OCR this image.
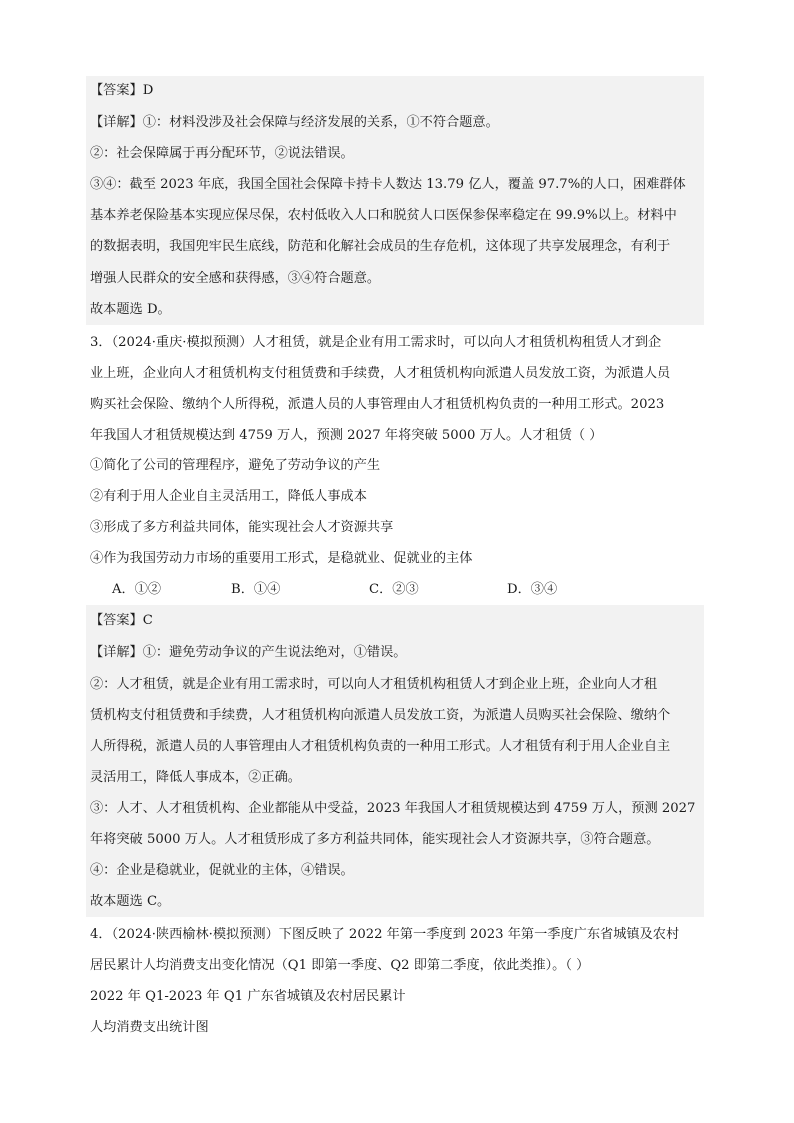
【答案】D
【详解】①：材料没涉及社会保障与经济发展的关系，①不符合题意。
②：社会保障属于再分配环节，②说法错误。
③④：截至 2023 年底，我国全国社会保障卡持卡人数达 13.79 亿人，覆盖 97.7%的人口，困难群体
基本养老保险基本实现应保尽保，农村低收入人口和脱贫人口医保参保率稳定在 99.9%以上。材料中
的数据表明，我国兜牢民生底线，防范和化解社会成员的生存危机，这体现了共享发展理念，有利于
增强人民群众的安全感和获得感，③④符合题意。
故本题选 D。
3．（2024·重庆·模拟预测）人才租赁，就是企业有用工需求时，可以向人才租赁机构租赁人才到企
业上班，企业向人才租赁机构支付租赁费和手续费，人才租赁机构向派遣人员发放工资，为派遣人员
购买社会保险、缴纳个人所得税，派遣人员的人事管理由人才租赁机构负责的一种用工形式。2023
年我国人才租赁规模达到 4759 万人，预测 2027 年将突破 5000 万人。人才租赁（ ）
①简化了公司的管理程序，避免了劳动争议的产生
②有利于用人企业自主灵活用工，降低人事成本
③形成了多方利益共同体，能实现社会人才资源共享
④作为我国劳动力市场的重要用工形式，是稳就业、促就业的主体
A．①②	B．①④	C．②③	D．③④
【答案】C
【详解】①：避免劳动争议的产生说法绝对，①错误。
②：人才租赁，就是企业有用工需求时，可以向人才租赁机构租赁人才到企业上班，企业向人才租
赁机构支付租赁费和手续费，人才租赁机构向派遣人员发放工资，为派遣人员购买社会保险、缴纳个
人所得税，派遣人员的人事管理由人才租赁机构负责的一种用工形式。人才租赁有利于用人企业自主
灵活用工，降低人事成本，②正确。
③：人才、人才租赁机构、企业都能从中受益，2023 年我国人才租赁规模达到 4759 万人，预测 2027
年将突破 5000 万人。人才租赁形成了多方利益共同体，能实现社会人才资源共享，③符合题意。
④：企业是稳就业，促就业的主体，④错误。
故本题选 C。
4．（2024·陕西榆林·模拟预测）下图反映了 2022 年第一季度到 2023 年第一季度广东省城镇及农村
居民累计人均消费支出变化情况（Q1 即第一季度、Q2 即第二季度，依此类推）。（ ）
2022 年 Q1-2023 年 Q1 广东省城镇及农村居民累计
人均消费支出统计图
